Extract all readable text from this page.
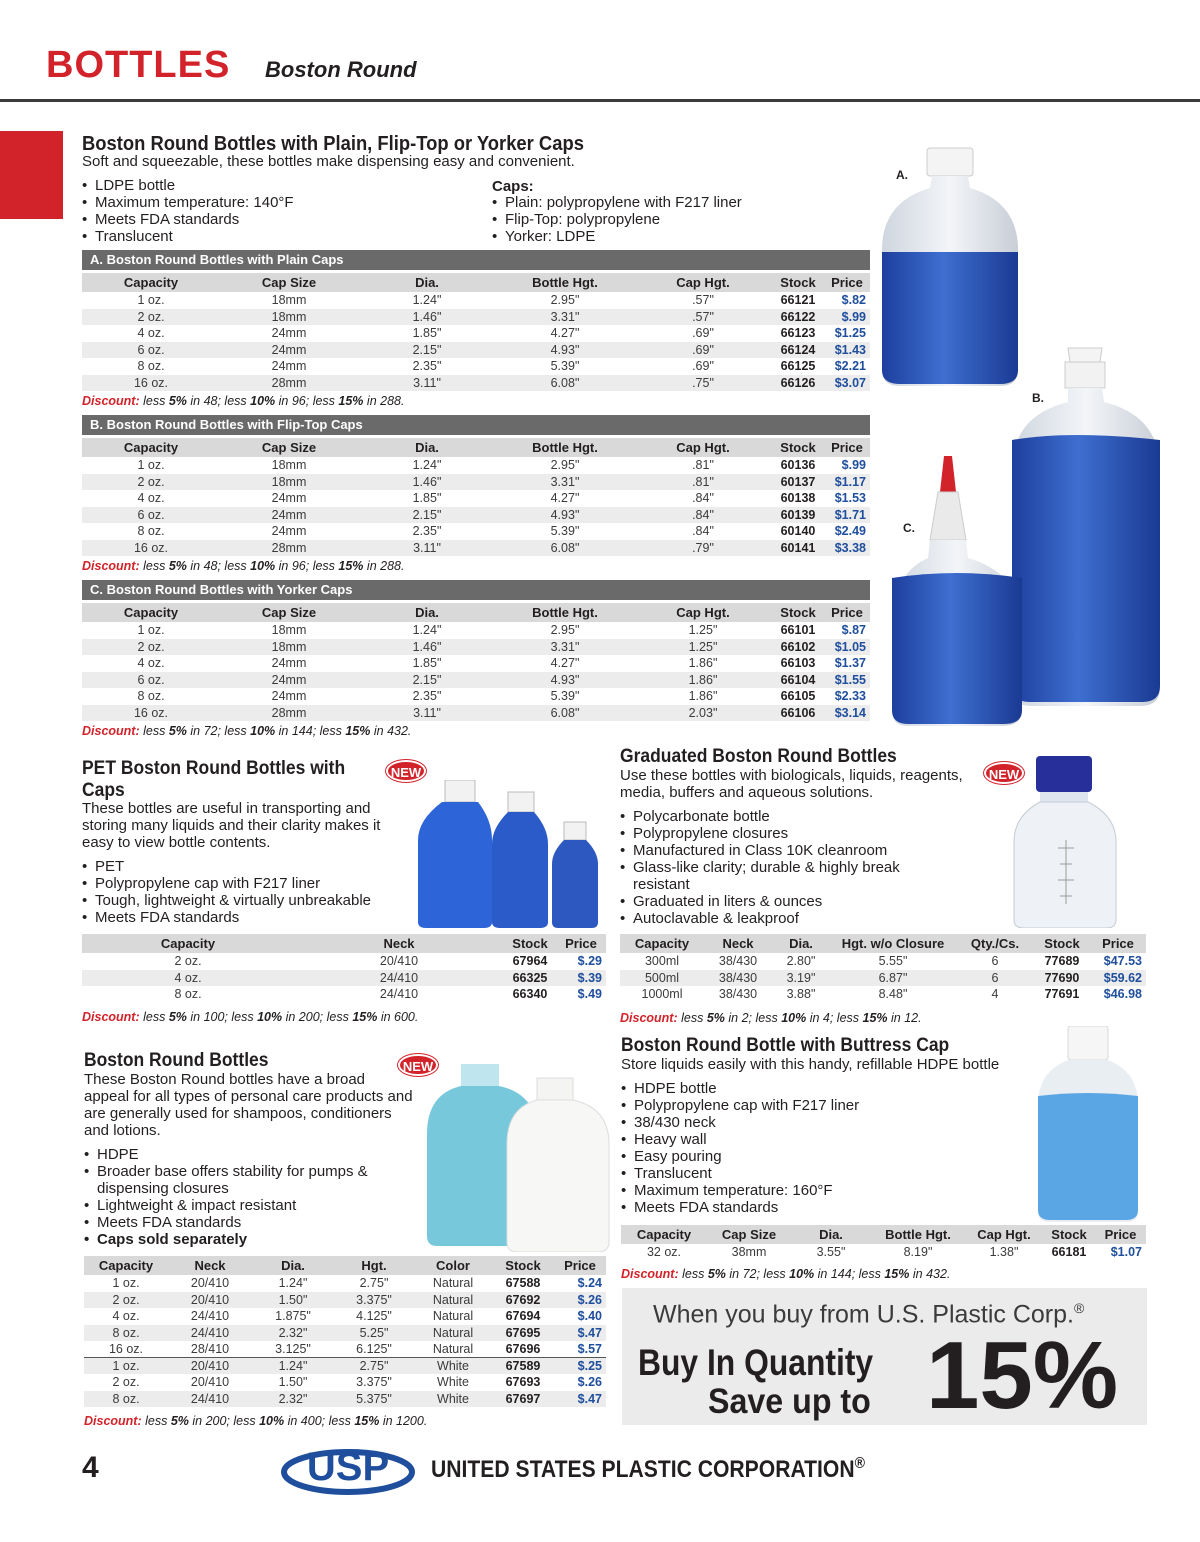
BOTTLES Boston Round
Boston Round Bottles with Plain, Flip-Top or Yorker Caps
Soft and squeezable, these bottles make dispensing easy and convenient.
• LDPE bottle
• Maximum temperature: 140°F
• Meets FDA standards
• Translucent
Caps:
• Plain: polypropylene with F217 liner
• Flip-Top: polypropylene
• Yorker: LDPE
A. Boston Round Bottles with Plain Caps
Capacity	Cap Size	Dia.	Bottle Hgt.	Cap Hgt.	Stock	Price
1 oz.	18mm	1.24"	2.95"	.57"	66121	$.82
2 oz.	18mm	1.46"	3.31"	.57"	66122	$.99
4 oz.	24mm	1.85"	4.27"	.69"	66123	$1.25
6 oz.	24mm	2.15"	4.93"	.69"	66124	$1.43
8 oz.	24mm	2.35"	5.39"	.69"	66125	$2.21
16 oz.	28mm	3.11"	6.08"	.75"	66126	$3.07
Discount: less 5% in 48; less 10% in 96; less 15% in 288.
B. Boston Round Bottles with Flip-Top Caps
Capacity	Cap Size	Dia.	Bottle Hgt.	Cap Hgt.	Stock	Price
1 oz.	18mm	1.24"	2.95"	.81"	60136	$.99
2 oz.	18mm	1.46"	3.31"	.81"	60137	$1.17
4 oz.	24mm	1.85"	4.27"	.84"	60138	$1.53
6 oz.	24mm	2.15"	4.93"	.84"	60139	$1.71
8 oz.	24mm	2.35"	5.39"	.84"	60140	$2.49
16 oz.	28mm	3.11"	6.08"	.79"	60141	$3.38
Discount: less 5% in 48; less 10% in 96; less 15% in 288.
C. Boston Round Bottles with Yorker Caps
Capacity	Cap Size	Dia.	Bottle Hgt.	Cap Hgt.	Stock	Price
1 oz.	18mm	1.24"	2.95"	1.25"	66101	$.87
2 oz.	18mm	1.46"	3.31"	1.25"	66102	$1.05
4 oz.	24mm	1.85"	4.27"	1.86"	66103	$1.37
6 oz.	24mm	2.15"	4.93"	1.86"	66104	$1.55
8 oz.	24mm	2.35"	5.39"	1.86"	66105	$2.33
16 oz.	28mm	3.11"	6.08"	2.03"	66106	$3.14
Discount: less 5% in 72; less 10% in 144; less 15% in 432.
A.
B.
C.
PET Boston Round Bottles with
Caps
NEW
These bottles are useful in transporting and storing many liquids and their clarity makes it easy to view bottle contents.
• PET
• Polypropylene cap with F217 liner
• Tough, lightweight & virtually unbreakable
• Meets FDA standards
Capacity	Neck	Stock	Price
2 oz.	20/410	67964	$.29
4 oz.	24/410	66325	$.39
8 oz.	24/410	66340	$.49
Discount: less 5% in 100; less 10% in 200; less 15% in 600.
Graduated Boston Round Bottles
NEW
Use these bottles with biologicals, liquids, reagents, media, buffers and aqueous solutions.
• Polycarbonate bottle
• Polypropylene closures
• Manufactured in Class 10K cleanroom
• Glass-like clarity; durable & highly break resistant
• Graduated in liters & ounces
• Autoclavable & leakproof
Capacity	Neck	Dia.	Hgt. w/o Closure	Qty./Cs.	Stock	Price
300ml	38/430	2.80"	5.55"	6	77689	$47.53
500ml	38/430	3.19"	6.87"	6	77690	$59.62
1000ml	38/430	3.88"	8.48"	4	77691	$46.98
Discount: less 5% in 2; less 10% in 4; less 15% in 12.
Boston Round Bottles	NEW
These Boston Round bottles have a broad appeal for all types of personal care products and are generally used for shampoos, conditioners and lotions.
• HDPE
• Broader base offers stability for pumps & dispensing closures
• Lightweight & impact resistant
• Meets FDA standards
• Caps sold separately
Capacity	Neck	Dia.	Hgt.	Color	Stock	Price
1 oz.	20/410	1.24"	2.75"	Natural	67588	$.24
2 oz.	20/410	1.50"	3.375"	Natural	67692	$.26
4 oz.	24/410	1.875"	4.125"	Natural	67694	$.40
8 oz.	24/410	2.32"	5.25"	Natural	67695	$.47
16 oz.	28/410	3.125"	6.125"	Natural	67696	$.57
1 oz.	20/410	1.24"	2.75"	White	67589	$.25
2 oz.	20/410	1.50"	3.375"	White	67693	$.26
8 oz.	24/410	2.32"	5.375"	White	67697	$.47
Discount: less 5% in 200; less 10% in 400; less 15% in 1200.
Boston Round Bottle with Buttress Cap
Store liquids easily with this handy, refillable HDPE bottle
• HDPE bottle
• Polypropylene cap with F217 liner
• 38/430 neck
• Heavy wall
• Easy pouring
• Translucent
• Maximum temperature: 160°F
• Meets FDA standards
Capacity	Cap Size	Dia.	Bottle Hgt.	Cap Hgt.	Stock	Price
32 oz.	38mm	3.55"	8.19"	1.38"	66181	$1.07
Discount: less 5% in 72; less 10% in 144; less 15% in 432.
When you buy from U.S. Plastic Corp.®
Buy In Quantity
Save up to 15%
4	USP UNITED STATES PLASTIC CORPORATION®
